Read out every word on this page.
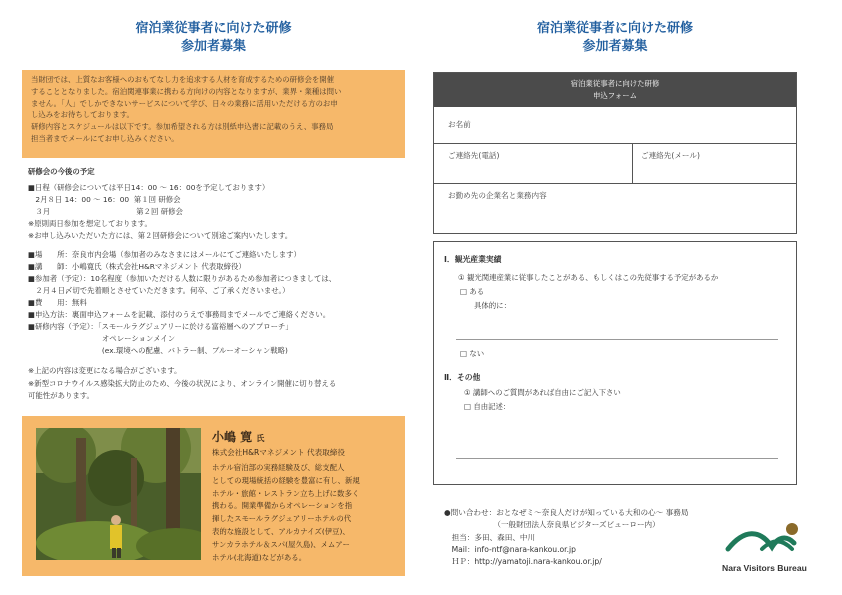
宿泊業従事者に向けた研修
参加者募集
当財団では、上質なお客様へのおもてなし力を追求する人材を育成するための研修会を開催
することとなりました。宿泊関連事業に携わる方向けの内容となりますが、業界・業種は問い
ません。「人」でしかできないサービスについて学び、日々の業務に活用いただける方のお申
し込みをお待ちしております。
研修内容とスケジュールは以下です。参加希望される方は別紙申込書に記載のうえ、事務局
担当者までメールにてお申し込みください。
研修会の今後の予定
■日程（研修会については平日14：00 ～ 16：00を予定しております）
　2月８日 14：00 ～ 16：00  第１回 研修会
　３月　　　　　　　　　　　  第２回 研修会
※原則両日参加を想定しております。
※お申し込みいただいた方には、第２回研修会について別途ご案内いたします。
■場　　所：奈良市内会場（参加者のみなさまにはメールにてご連絡いたします）
■講　　師：小嶋寛氏（株式会社H&Rマネジメント 代表取締役）
■参加者（予定）：10名程度（参加いただける人数に限りがあるため参加者につきましては、
　２月４日〆切で先着順とさせていただきます。何卒、ご了承くださいませ。）
■費　　用：無料
■申込方法：裏面申込フォームを記載、添付のうえで事務局までメールでご連絡ください。
■研修内容（予定）：「スモールラグジュアリーに於ける富裕層へのアプローチ」
　　　　　　　　　　オペレーションメイン
　　　　　　　　　　(ex.環境への配慮、バトラー制、ブルーオーシャン戦略)
※上記の内容は変更になる場合がございます。
※新型コロナウイルス感染拡大防止のため、今後の状況により、オンライン開催に切り替える
可能性があります。
小嶋 寛 氏
株式会社H&Rマネジメント 代表取締役
ホテル宿泊部の実務経験及び、総支配人
としての現場統括の経験を豊富に有し、新規
ホテル・旅館・レストラン立ち上げに数多く
携わる。開業準備からオペレーションを指
揮したスモールラグジュアリーホテルの代
表的な施設として、アルカナイズ(伊豆)、
サンカラホテル＆スパ(屋久島)、メムアー
ホテル(北海道)などがある。
宿泊業従事者に向けた研修
参加者募集
宿泊業従事者に向けた研修
申込フォーム
お名前
ご連絡先(電話)	ご連絡先(メール)
お勤め先の企業名と業務内容
Ⅰ．観光産業実績
① 観光関連産業に従事したことがある、もしくはこの先従事する予定があるか
□ ある
具体的に：
□ ない
Ⅱ．その他
① 講師へのご質問があれば自由にご記入下さい
□ 自由記述：
●問い合わせ：おとなぜミ～奈良人だけが知っている大和の心～ 事務局
　　　　　　　（一般財団法人奈良県ビジターズビューロー内）
　担当：多田、森田、中川
　Mail：info-ntf@nara-kankou.or.jp
　ＨＰ：http://yamatoji.nara-kankou.or.jp/
Nara Visitors Bureau
